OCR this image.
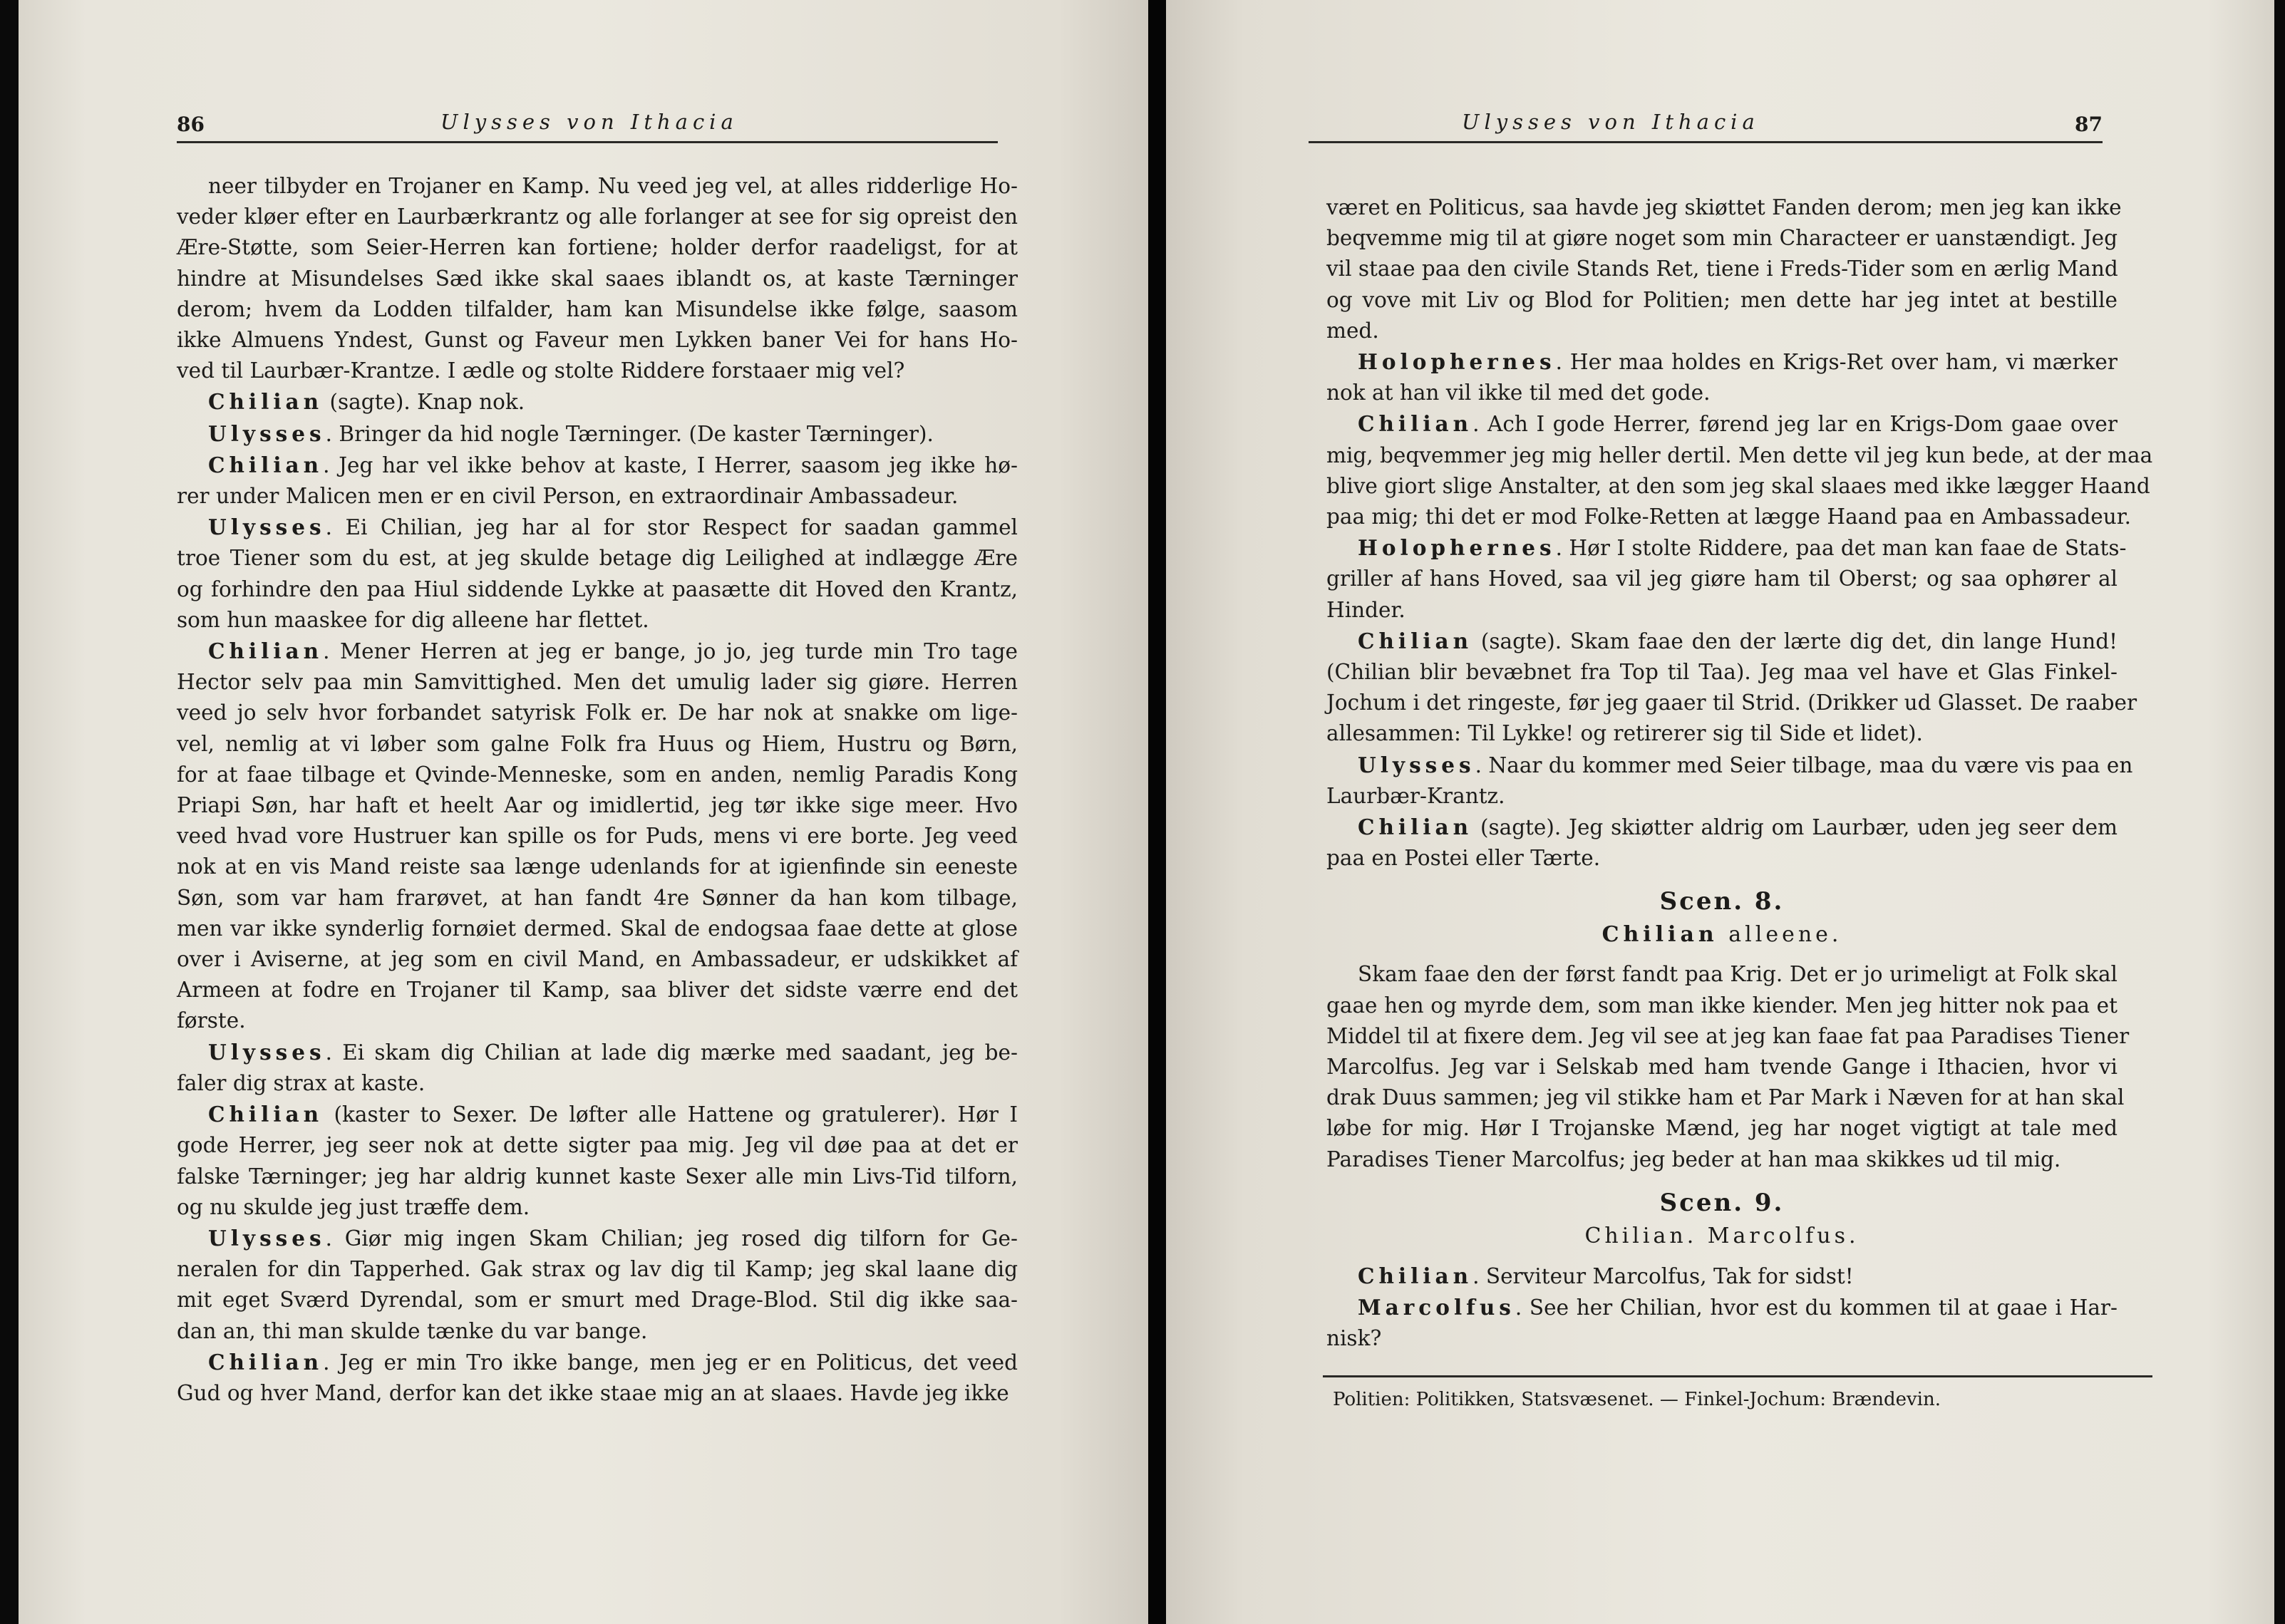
86	Ulysses von Ithacia
neer tilbyder en Trojaner en Kamp. Nu veed jeg vel, at alles ridderlige Ho-
veder kløer efter en Laurbærkrantz og alle forlanger at see for sig opreist den
Ære-Støtte, som Seier-Herren kan fortiene; holder derfor raadeligst, for at
hindre at Misundelses Sæd ikke skal saaes iblandt os, at kaste Tærninger
derom; hvem da Lodden tilfalder, ham kan Misundelse ikke følge, saasom
ikke Almuens Yndest, Gunst og Faveur men Lykken baner Vei for hans Ho-
ved til Laurbær-Krantze. I ædle og stolte Riddere forstaaer mig vel?
Chilian (sagte). Knap nok.
Ulysses. Bringer da hid nogle Tærninger. (De kaster Tærninger).
Chilian. Jeg har vel ikke behov at kaste, I Herrer, saasom jeg ikke hø-
rer under Malicen men er en civil Person, en extraordinair Ambassadeur.
Ulysses. Ei Chilian, jeg har al for stor Respect for saadan gammel
troe Tiener som du est, at jeg skulde betage dig Leilighed at indlægge Ære
og forhindre den paa Hiul siddende Lykke at paasætte dit Hoved den Krantz,
som hun maaskee for dig alleene har flettet.
Chilian. Mener Herren at jeg er bange, jo jo, jeg turde min Tro tage
Hector selv paa min Samvittighed. Men det umulig lader sig giøre. Herren
veed jo selv hvor forbandet satyrisk Folk er. De har nok at snakke om lige-
vel, nemlig at vi løber som galne Folk fra Huus og Hiem, Hustru og Børn,
for at faae tilbage et Qvinde-Menneske, som en anden, nemlig Paradis Kong
Priapi Søn, har haft et heelt Aar og imidlertid, jeg tør ikke sige meer. Hvo
veed hvad vore Hustruer kan spille os for Puds, mens vi ere borte. Jeg veed
nok at en vis Mand reiste saa længe udenlands for at igienfinde sin eeneste
Søn, som var ham frarøvet, at han fandt 4re Sønner da han kom tilbage,
men var ikke synderlig fornøiet dermed. Skal de endogsaa faae dette at glose
over i Aviserne, at jeg som en civil Mand, en Ambassadeur, er udskikket af
Armeen at fodre en Trojaner til Kamp, saa bliver det sidste værre end det
første.
Ulysses. Ei skam dig Chilian at lade dig mærke med saadant, jeg be-
faler dig strax at kaste.
Chilian (kaster to Sexer. De løfter alle Hattene og gratulerer). Hør I
gode Herrer, jeg seer nok at dette sigter paa mig. Jeg vil døe paa at det er
falske Tærninger; jeg har aldrig kunnet kaste Sexer alle min Livs-Tid tilforn,
og nu skulde jeg just træffe dem.
Ulysses. Giør mig ingen Skam Chilian; jeg rosed dig tilforn for Ge-
neralen for din Tapperhed. Gak strax og lav dig til Kamp; jeg skal laane dig
mit eget Sværd Dyrendal, som er smurt med Drage-Blod. Stil dig ikke saa-
dan an, thi man skulde tænke du var bange.
Chilian. Jeg er min Tro ikke bange, men jeg er en Politicus, det veed
Gud og hver Mand, derfor kan det ikke staae mig an at slaaes. Havde jeg ikke
Ulysses von Ithacia	87
været en Politicus, saa havde jeg skiøttet Fanden derom; men jeg kan ikke
beqvemme mig til at giøre noget som min Characteer er uanstændigt. Jeg
vil staae paa den civile Stands Ret, tiene i Freds-Tider som en ærlig Mand
og vove mit Liv og Blod for Politien; men dette har jeg intet at bestille
med.
Holophernes. Her maa holdes en Krigs-Ret over ham, vi mærker
nok at han vil ikke til med det gode.
Chilian. Ach I gode Herrer, førend jeg lar en Krigs-Dom gaae over
mig, beqvemmer jeg mig heller dertil. Men dette vil jeg kun bede, at der maa
blive giort slige Anstalter, at den som jeg skal slaaes med ikke lægger Haand
paa mig; thi det er mod Folke-Retten at lægge Haand paa en Ambassadeur.
Holophernes. Hør I stolte Riddere, paa det man kan faae de Stats-
griller af hans Hoved, saa vil jeg giøre ham til Oberst; og saa ophører al
Hinder.
Chilian (sagte). Skam faae den der lærte dig det, din lange Hund!
(Chilian blir bevæbnet fra Top til Taa). Jeg maa vel have et Glas Finkel-
Jochum i det ringeste, før jeg gaaer til Strid. (Drikker ud Glasset. De raaber
allesammen: Til Lykke! og retirerer sig til Side et lidet).
Ulysses. Naar du kommer med Seier tilbage, maa du være vis paa en
Laurbær-Krantz.
Chilian (sagte). Jeg skiøtter aldrig om Laurbær, uden jeg seer dem
paa en Postei eller Tærte.
Scen. 8.
Chilian alleene.
Skam faae den der først fandt paa Krig. Det er jo urimeligt at Folk skal
gaae hen og myrde dem, som man ikke kiender. Men jeg hitter nok paa et
Middel til at fixere dem. Jeg vil see at jeg kan faae fat paa Paradises Tiener
Marcolfus. Jeg var i Selskab med ham tvende Gange i Ithacien, hvor vi
drak Duus sammen; jeg vil stikke ham et Par Mark i Næven for at han skal
løbe for mig. Hør I Trojanske Mænd, jeg har noget vigtigt at tale med
Paradises Tiener Marcolfus; jeg beder at han maa skikkes ud til mig.
Scen. 9.
Chilian. Marcolfus.
Chilian. Serviteur Marcolfus, Tak for sidst!
Marcolfus. See her Chilian, hvor est du kommen til at gaae i Har-
nisk?
Politien: Politikken, Statsvæsenet. — Finkel-Jochum: Brændevin.
